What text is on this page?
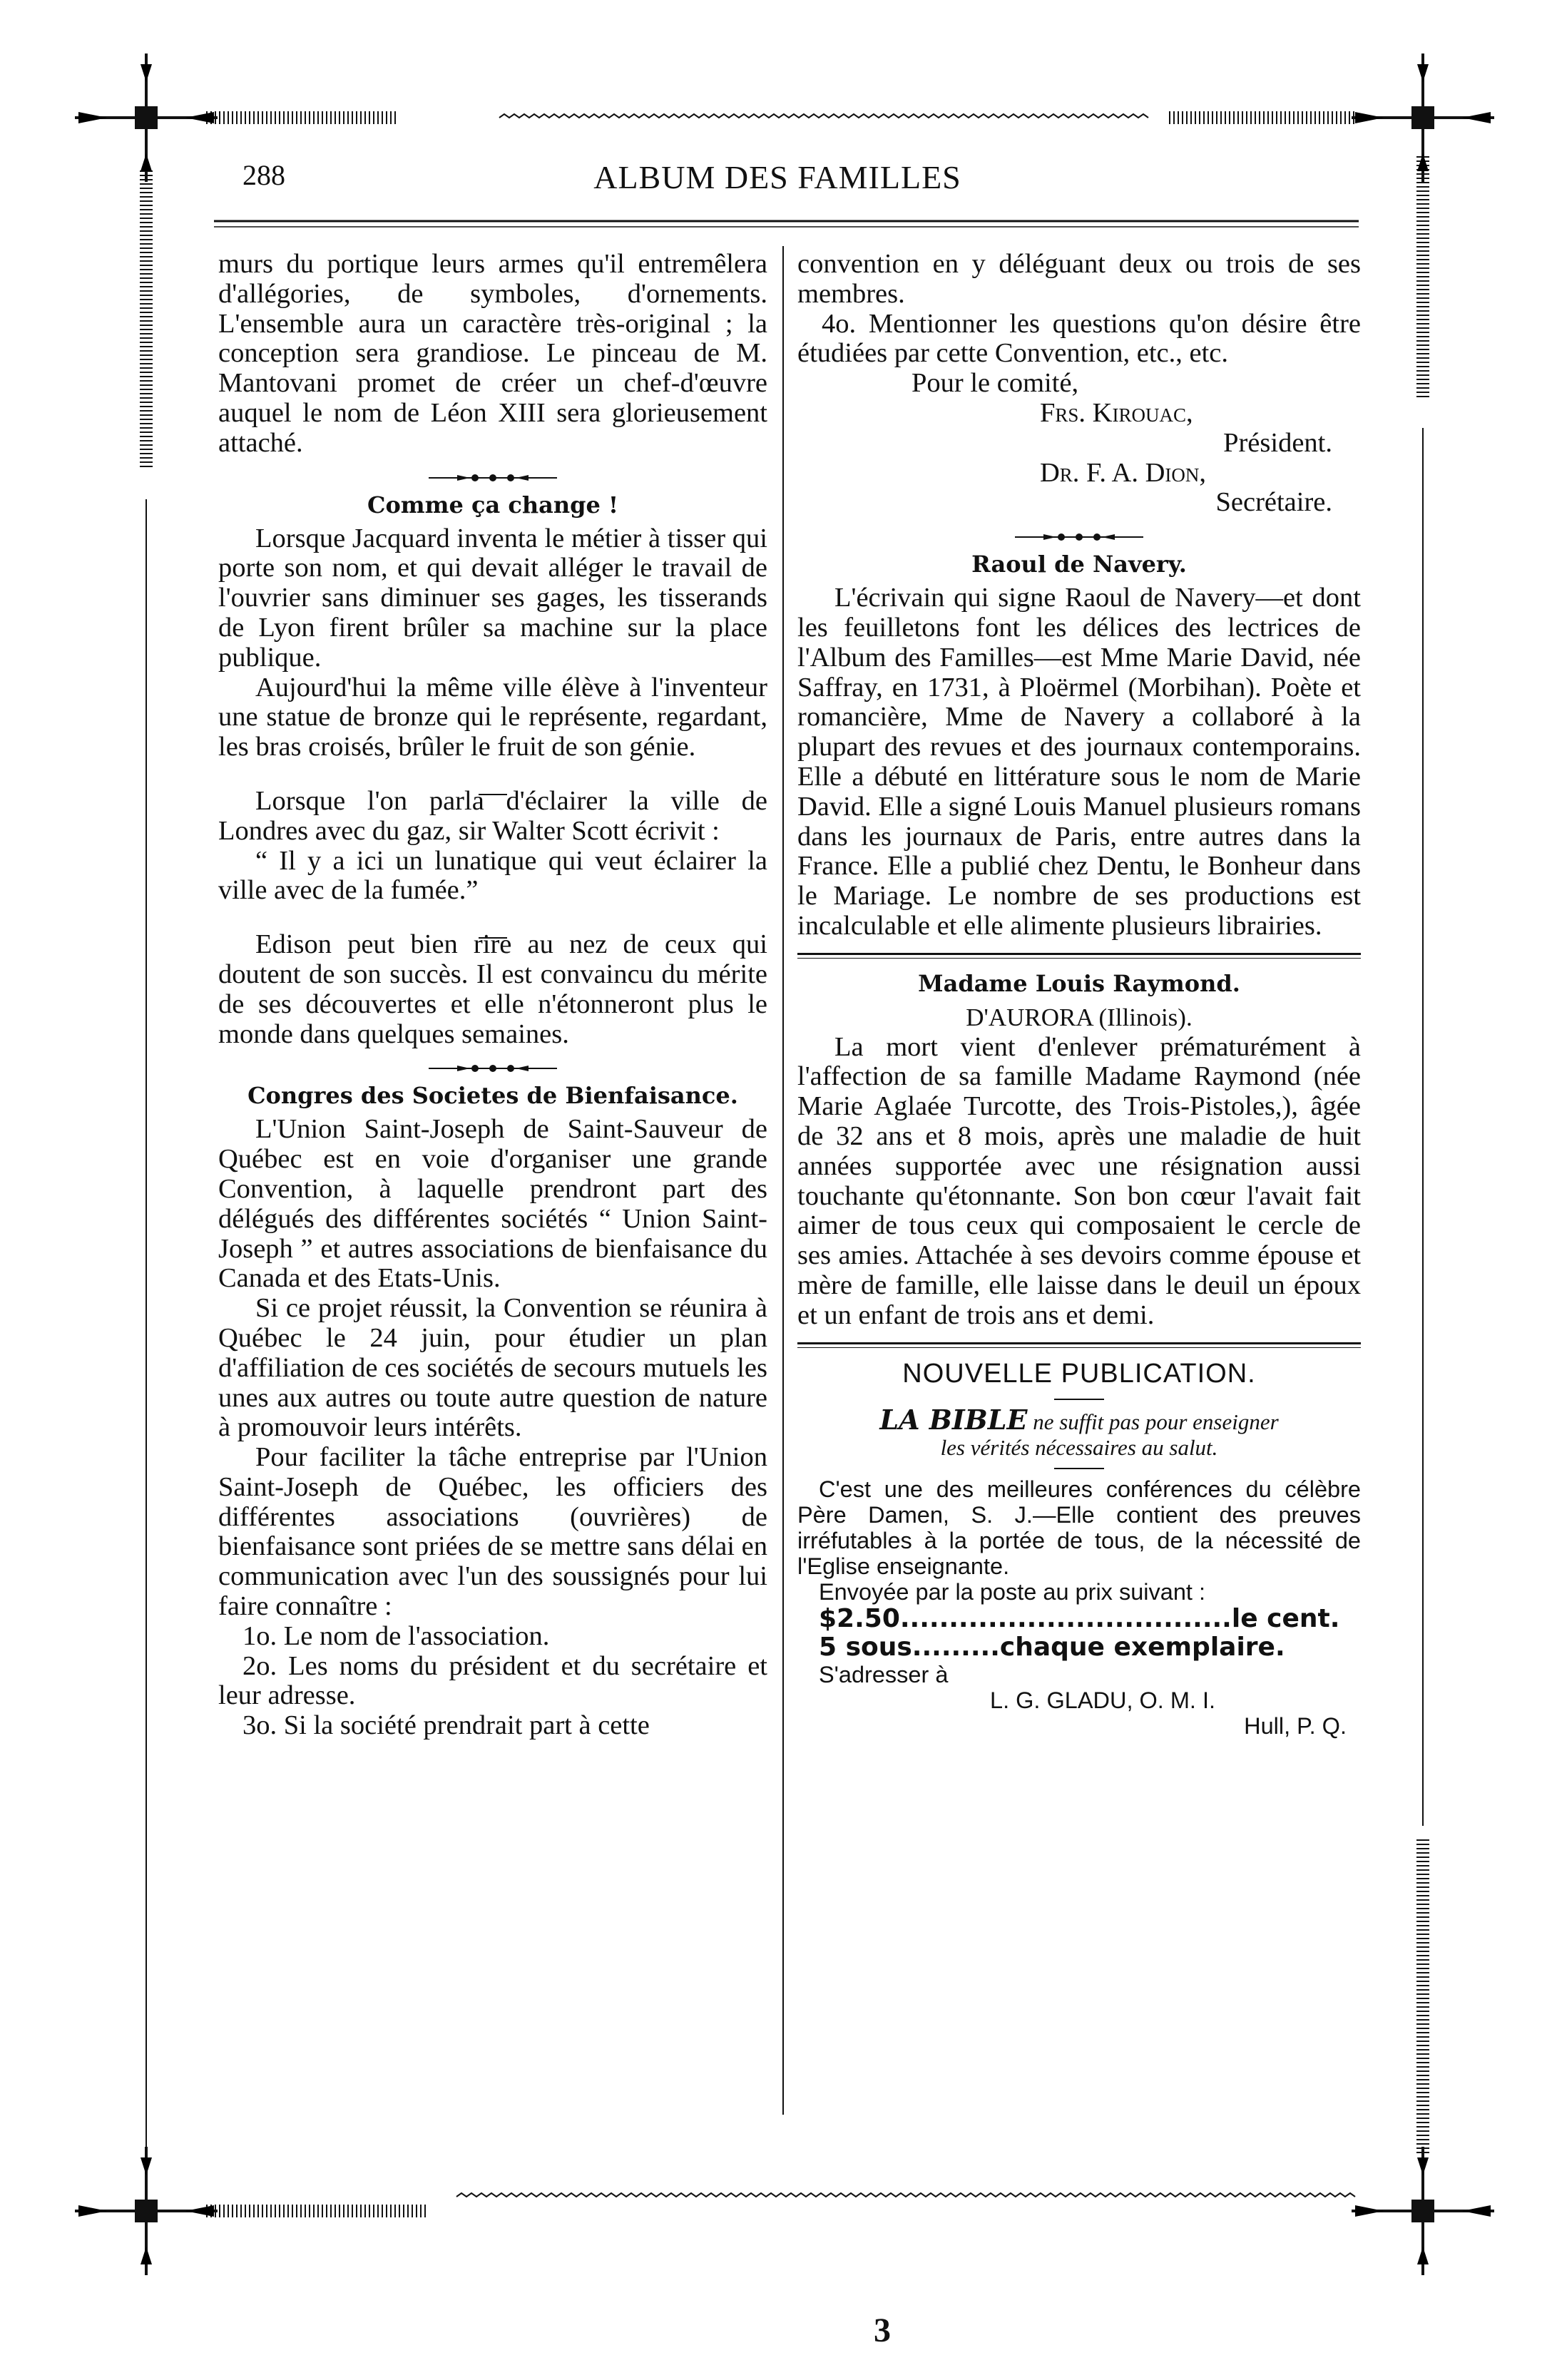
288	ALBUM DES FAMILLES

murs du portique leurs armes qu'il entremêlera d'allégories, de symboles, d'ornements. L'ensemble aura un caractère très-original ; la conception sera grandiose. Le pinceau de M. Mantovani promet de créer un chef-d'œuvre auquel le nom de Léon XIII sera glorieusement attaché.

Comme ça change !

Lorsque Jacquard inventa le métier à tisser qui porte son nom, et qui devait alléger le travail de l'ouvrier sans diminuer ses gages, les tisserands de Lyon firent brûler sa machine sur la place publique.

Aujourd'hui la même ville élève à l'inventeur une statue de bronze qui le représente, regardant, les bras croisés, brûler le fruit de son génie.

Lorsque l'on parla d'éclairer la ville de Londres avec du gaz, sir Walter Scott écrivit :

“ Il y a ici un lunatique qui veut éclairer la ville avec de la fumée.”

Edison peut bien rire au nez de ceux qui doutent de son succès. Il est convaincu du mérite de ses découvertes et elle n'étonneront plus le monde dans quelques semaines.

Congres des Societes de Bienfaisance.

L'Union Saint-Joseph de Saint-Sauveur de Québec est en voie d'organiser une grande Convention, à laquelle prendront part des délégués des différentes sociétés “ Union Saint-Joseph ” et autres associations de bienfaisance du Canada et des Etats-Unis.

Si ce projet réussit, la Convention se réunira à Québec le 24 juin, pour étudier un plan d'affiliation de ces sociétés de secours mutuels les unes aux autres ou toute autre question de nature à promouvoir leurs intérêts.

Pour faciliter la tâche entreprise par l'Union Saint-Joseph de Québec, les officiers des différentes associations (ouvrières) de bienfaisance sont priées de se mettre sans délai en communication avec l'un des soussignés pour lui faire connaître :

1o. Le nom de l'association.

2o. Les noms du président et du secrétaire et leur adresse.

3o. Si la société prendrait part à cette

convention en y déléguant deux ou trois de ses membres.

4o. Mentionner les questions qu'on désire être étudiées par cette Convention, etc., etc.

Pour le comité,

Frs. Kirouac,

Président.

Dr. F. A. Dion,

Secrétaire.

Raoul de Navery.

L'écrivain qui signe Raoul de Navery—et dont les feuilletons font les délices des lectrices de l'Album des Familles—est Mme Marie David, née Saffray, en 1731, à Ploërmel (Morbihan). Poète et romancière, Mme de Navery a collaboré à la plupart des revues et des journaux contemporains. Elle a débuté en littérature sous le nom de Marie David. Elle a signé Louis Manuel plusieurs romans dans les journaux de Paris, entre autres dans la France. Elle a publié chez Dentu, le Bonheur dans le Mariage. Le nombre de ses productions est incalculable et elle alimente plusieurs librairies.

Madame Louis Raymond.
D'AURORA (Illinois).

La mort vient d'enlever prématurément à l'affection de sa famille Madame Raymond (née Marie Aglaée Turcotte, des Trois-Pistoles,), âgée de 32 ans et 8 mois, après une maladie de huit années supportée avec une résignation aussi touchante qu'étonnante. Son bon cœur l'avait fait aimer de tous ceux qui composaient le cercle de ses amies. Attachée à ses devoirs comme épouse et mère de famille, elle laisse dans le deuil un époux et un enfant de trois ans et demi.

NOUVELLE PUBLICATION.
LA BIBLE ne suffit pas pour enseigner
les vérités nécessaires au salut.

C'est une des meilleures conférences du célèbre Père Damen, S. J.—Elle contient des preuves irréfutables à la portée de tous, de la nécessité de l'Eglise enseignante.

Envoyée par la poste au prix suivant :

$2.50..................................le cent.
5 sous.........chaque exemplaire.

S'adresser à

L. G. GLADU, O. M. I.

Hull, P. Q.

3
